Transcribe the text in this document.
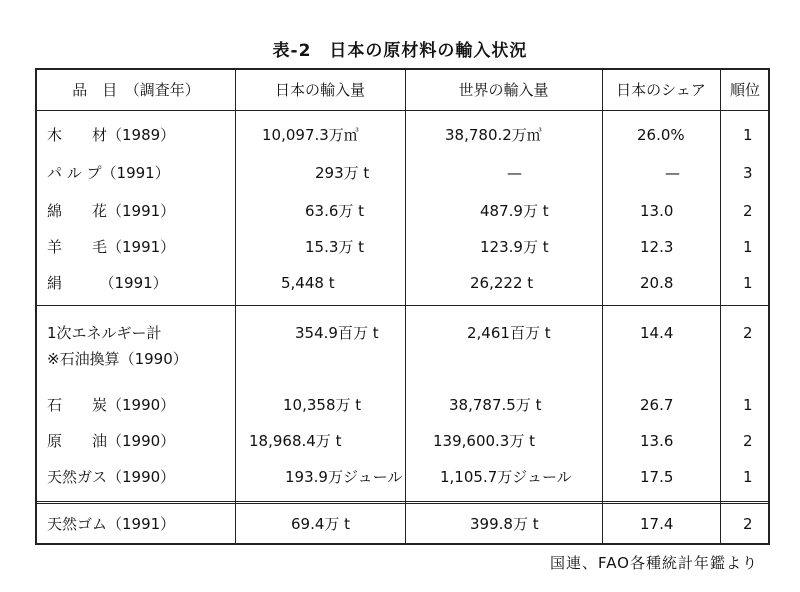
表-2　日本の原材料の輸入状況
品　目　（調査年）	日本の輸入量	世界の輸入量	日本のシェア	順位
木　　材（1989）	10,097.3万㎥	38,780.2万㎥	26.0%	1
パ ル プ（1991）	293万 t	—	—	3
綿　　花（1991）	63.6万 t	487.9万 t	13.0	2
羊　　毛（1991）	15.3万 t	123.9万 t	12.3	1
絹　　　（1991）	5,448 t	26,222 t	20.8	1
1次エネルギー計	354.9百万 t	2,461百万 t	14.4	2
※石油換算（1990）
石　　炭（1990）	10,358万 t	38,787.5万 t	26.7	1
原　　油（1990）	18,968.4万 t	139,600.3万 t	13.6	2
天然ガス（1990）	193.9万ジュール	1,105.7万ジュール	17.5	1
天然ゴム（1991）	69.4万 t	399.8万 t	17.4	2
国連、FAO各種統計年鑑より
